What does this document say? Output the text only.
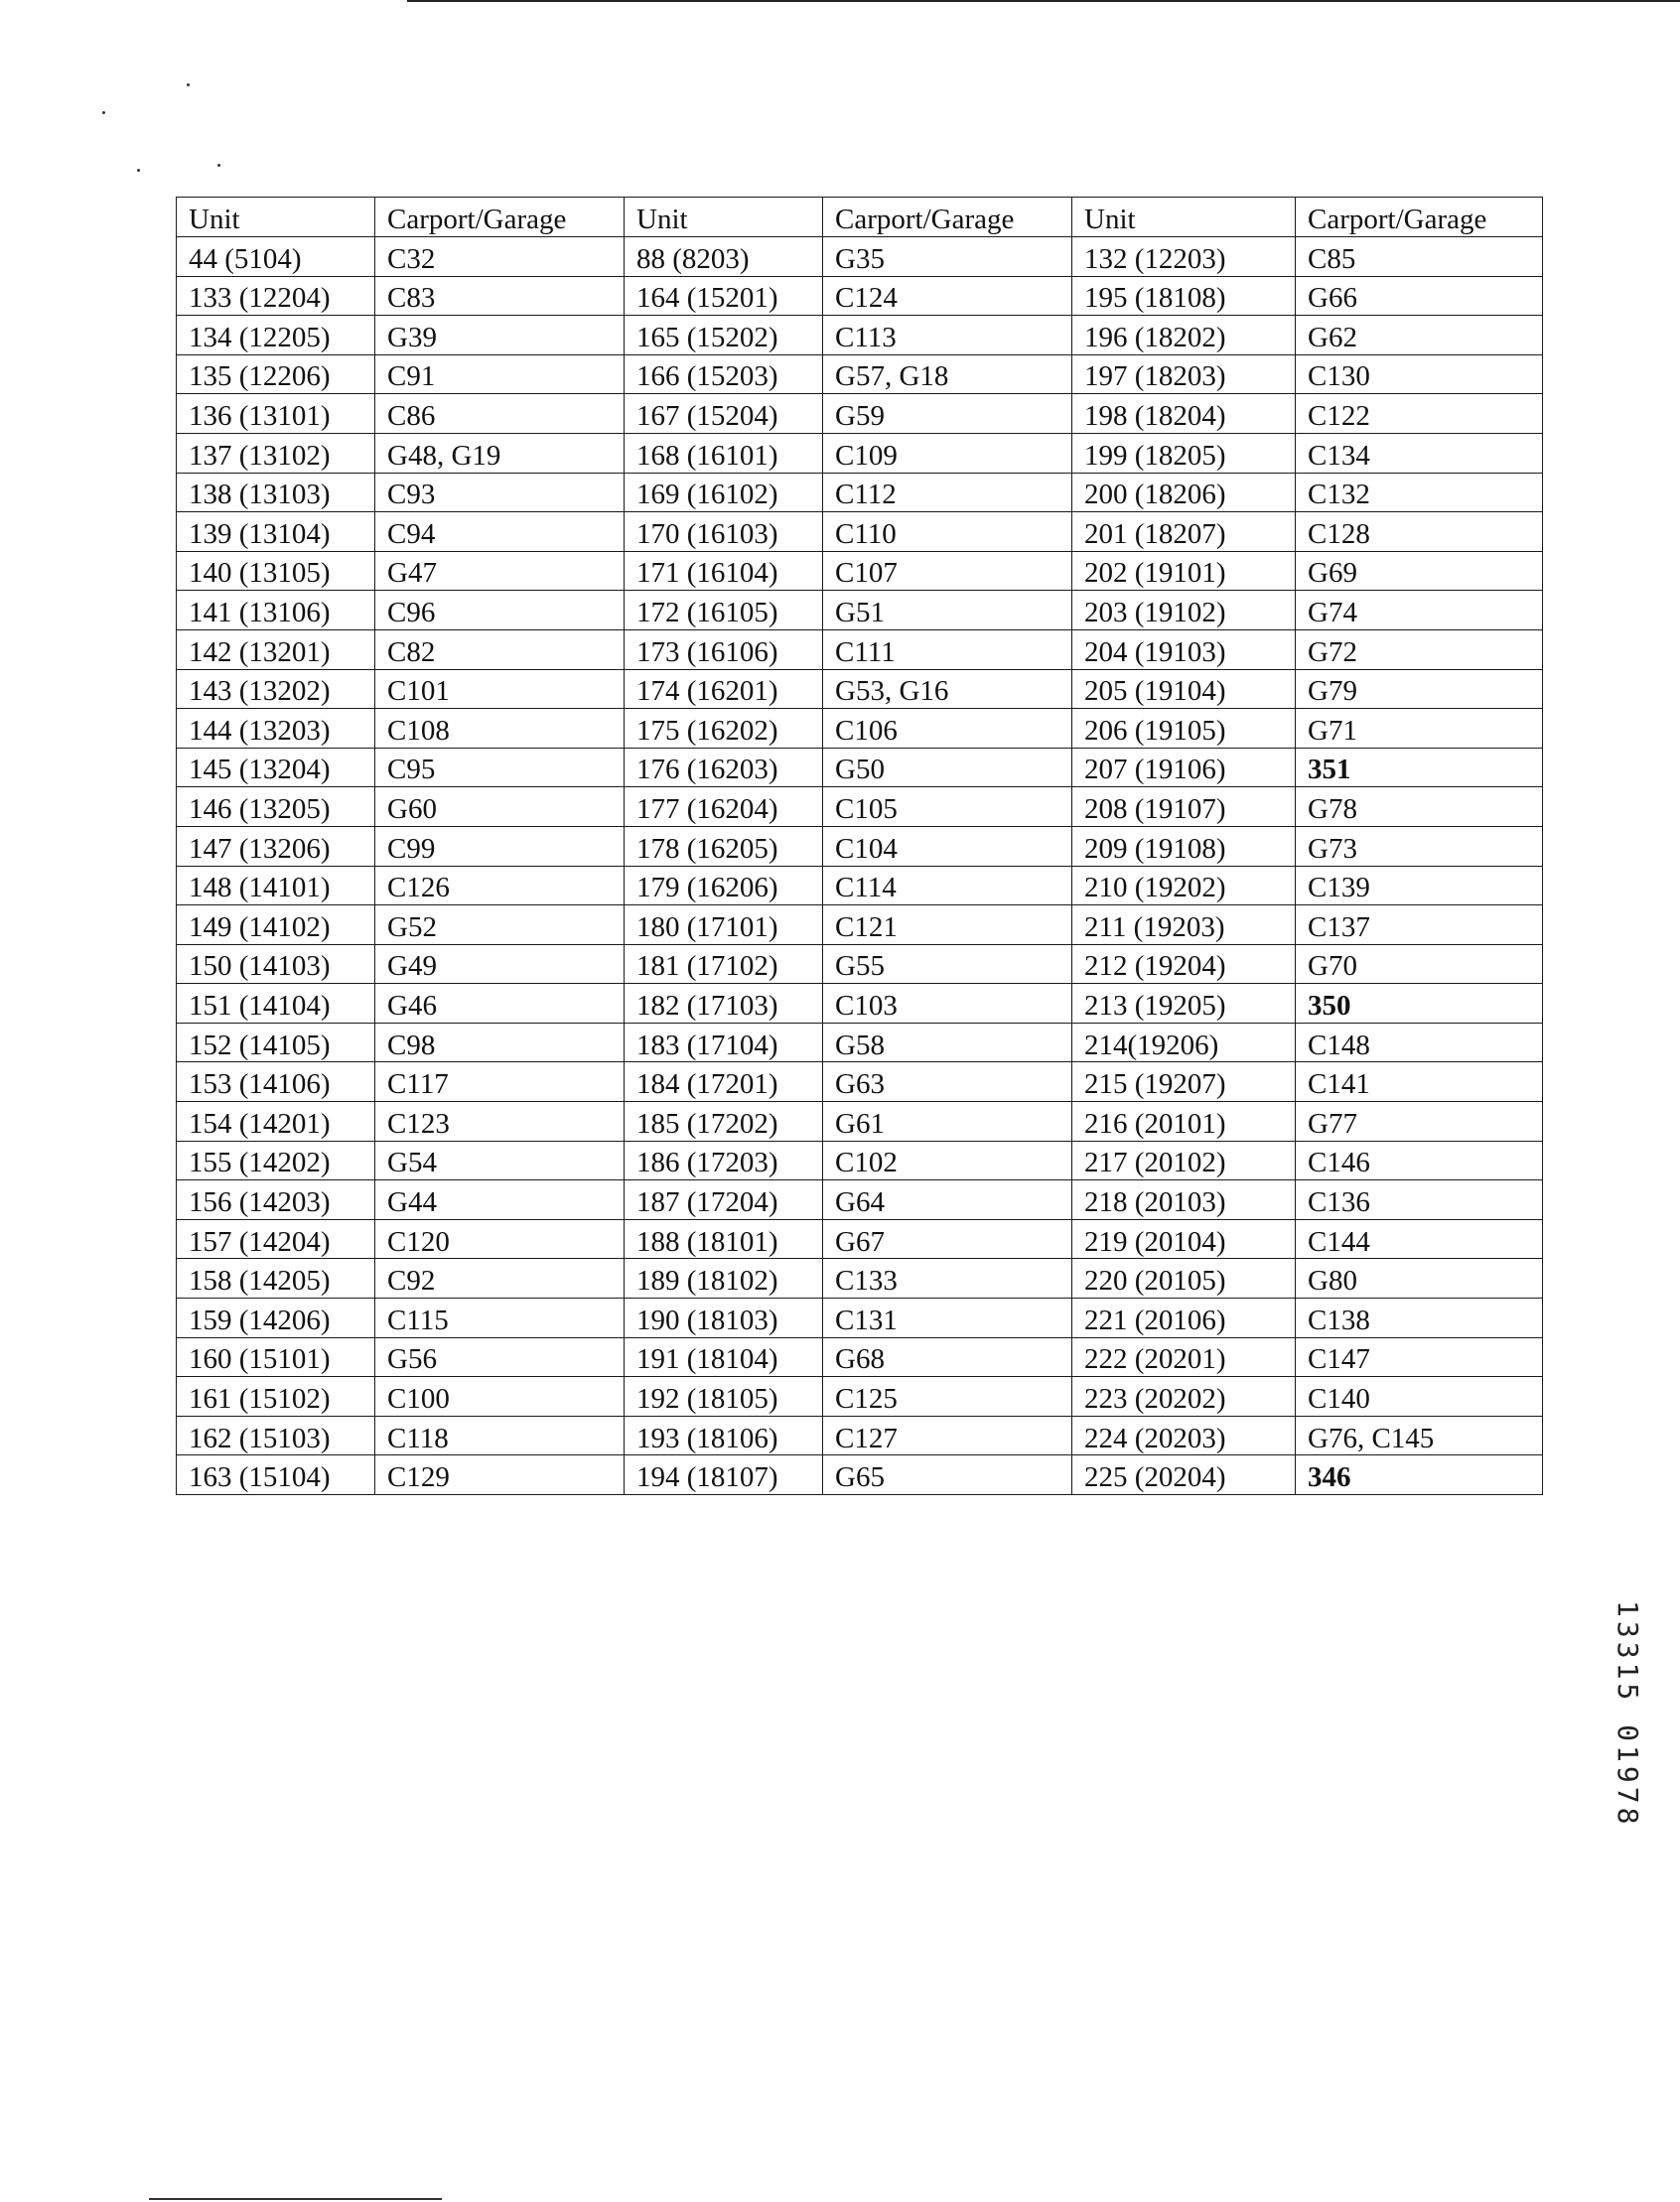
Unit	Carport/Garage	Unit	Carport/Garage	Unit	Carport/Garage
44 (5104)	C32	88 (8203)	G35	132 (12203)	C85
133 (12204)	C83	164 (15201)	C124	195 (18108)	G66
134 (12205)	G39	165 (15202)	C113	196 (18202)	G62
135 (12206)	C91	166 (15203)	G57, G18	197 (18203)	C130
136 (13101)	C86	167 (15204)	G59	198 (18204)	C122
137 (13102)	G48, G19	168 (16101)	C109	199 (18205)	C134
138 (13103)	C93	169 (16102)	C112	200 (18206)	C132
139 (13104)	C94	170 (16103)	C110	201 (18207)	C128
140 (13105)	G47	171 (16104)	C107	202 (19101)	G69
141 (13106)	C96	172 (16105)	G51	203 (19102)	G74
142 (13201)	C82	173 (16106)	C111	204 (19103)	G72
143 (13202)	C101	174 (16201)	G53, G16	205 (19104)	G79
144 (13203)	C108	175 (16202)	C106	206 (19105)	G71
145 (13204)	C95	176 (16203)	G50	207 (19106)	351
146 (13205)	G60	177 (16204)	C105	208 (19107)	G78
147 (13206)	C99	178 (16205)	C104	209 (19108)	G73
148 (14101)	C126	179 (16206)	C114	210 (19202)	C139
149 (14102)	G52	180 (17101)	C121	211 (19203)	C137
150 (14103)	G49	181 (17102)	G55	212 (19204)	G70
151 (14104)	G46	182 (17103)	C103	213 (19205)	350
152 (14105)	C98	183 (17104)	G58	214(19206)	C148
153 (14106)	C117	184 (17201)	G63	215 (19207)	C141
154 (14201)	C123	185 (17202)	G61	216 (20101)	G77
155 (14202)	G54	186 (17203)	C102	217 (20102)	C146
156 (14203)	G44	187 (17204)	G64	218 (20103)	C136
157 (14204)	C120	188 (18101)	G67	219 (20104)	C144
158 (14205)	C92	189 (18102)	C133	220 (20105)	G80
159 (14206)	C115	190 (18103)	C131	221 (20106)	C138
160 (15101)	G56	191 (18104)	G68	222 (20201)	C147
161 (15102)	C100	192 (18105)	C125	223 (20202)	C140
162 (15103)	C118	193 (18106)	C127	224 (20203)	G76, C145
163 (15104)	C129	194 (18107)	G65	225 (20204)	346
13315 01978
